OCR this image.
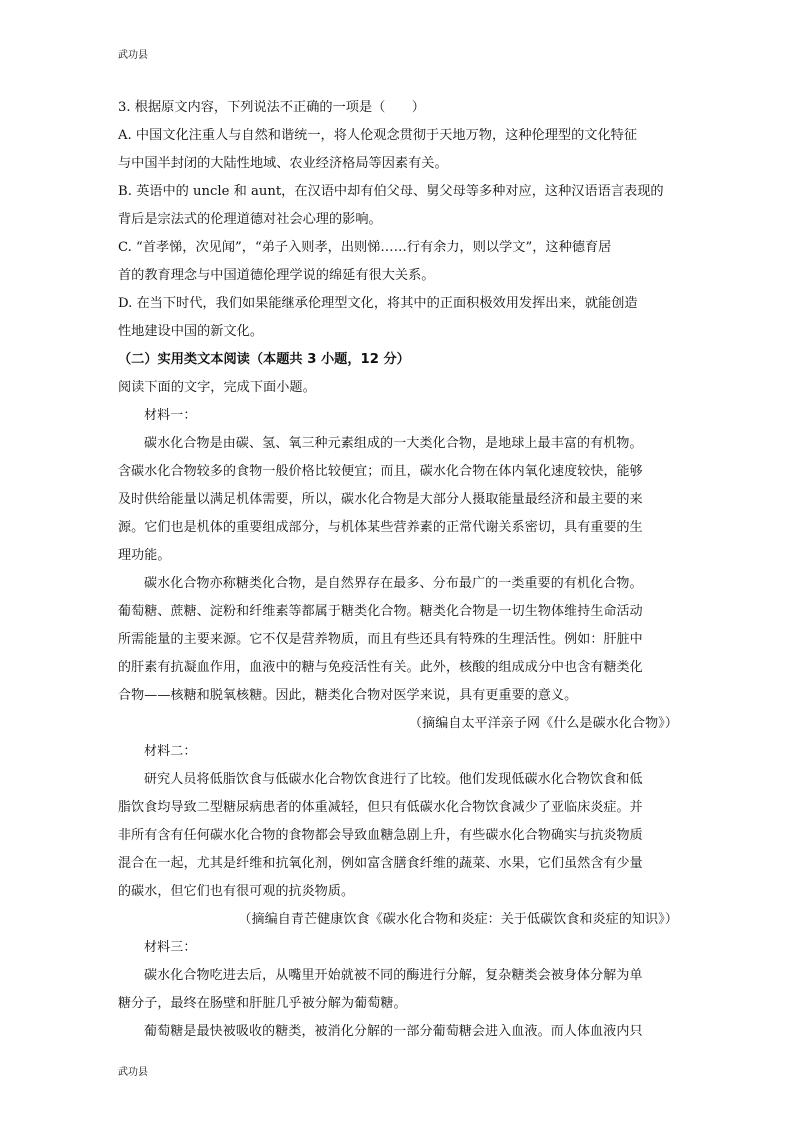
武功县
3. 根据原文内容，下列说法不正确的一项是（　　）
A. 中国文化注重人与自然和谐统一，将人伦观念贯彻于天地万物，这种伦理型的文化特征
与中国半封闭的大陆性地域、农业经济格局等因素有关。
B. 英语中的 uncle 和 aunt，在汉语中却有伯父母、舅父母等多种对应，这种汉语语言表现的
背后是宗法式的伦理道德对社会心理的影响。
C. “首孝悌，次见闻”，“弟子入则孝，出则悌……行有余力，则以学文”，这种德育居
首的教育理念与中国道德伦理学说的绵延有很大关系。
D. 在当下时代，我们如果能继承伦理型文化，将其中的正面积极效用发挥出来，就能创造
性地建设中国的新文化。
（二）实用类文本阅读（本题共 3 小题，12 分）
阅读下面的文字，完成下面小题。
材料一：
碳水化合物是由碳、氢、氧三种元素组成的一大类化合物，是地球上最丰富的有机物。
含碳水化合物较多的食物一般价格比较便宜；而且，碳水化合物在体内氧化速度较快，能够
及时供给能量以满足机体需要，所以，碳水化合物是大部分人摄取能量最经济和最主要的来
源。它们也是机体的重要组成部分，与机体某些营养素的正常代谢关系密切，具有重要的生
理功能。
碳水化合物亦称糖类化合物，是自然界存在最多、分布最广的一类重要的有机化合物。
葡萄糖、蔗糖、淀粉和纤维素等都属于糖类化合物。糖类化合物是一切生物体维持生命活动
所需能量的主要来源。它不仅是营养物质，而且有些还具有特殊的生理活性。例如：肝脏中
的肝素有抗凝血作用，血液中的糖与免疫活性有关。此外，核酸的组成成分中也含有糖类化
合物——核糖和脱氧核糖。因此，糖类化合物对医学来说，具有更重要的意义。
（摘编自太平洋亲子网《什么是碳水化合物》）
材料二：
研究人员将低脂饮食与低碳水化合物饮食进行了比较。他们发现低碳水化合物饮食和低
脂饮食均导致二型糖尿病患者的体重减轻，但只有低碳水化合物饮食减少了亚临床炎症。并
非所有含有任何碳水化合物的食物都会导致血糖急剧上升，有些碳水化合物确实与抗炎物质
混合在一起，尤其是纤维和抗氧化剂，例如富含膳食纤维的蔬菜、水果，它们虽然含有少量
的碳水，但它们也有很可观的抗炎物质。
（摘编自青芒健康饮食《碳水化合物和炎症：关于低碳饮食和炎症的知识》）
材料三：
碳水化合物吃进去后，从嘴里开始就被不同的酶进行分解，复杂糖类会被身体分解为单
糖分子，最终在肠壁和肝脏几乎被分解为葡萄糖。
葡萄糖是最快被吸收的糖类，被消化分解的一部分葡萄糖会进入血液。而人体血液内只
武功县
